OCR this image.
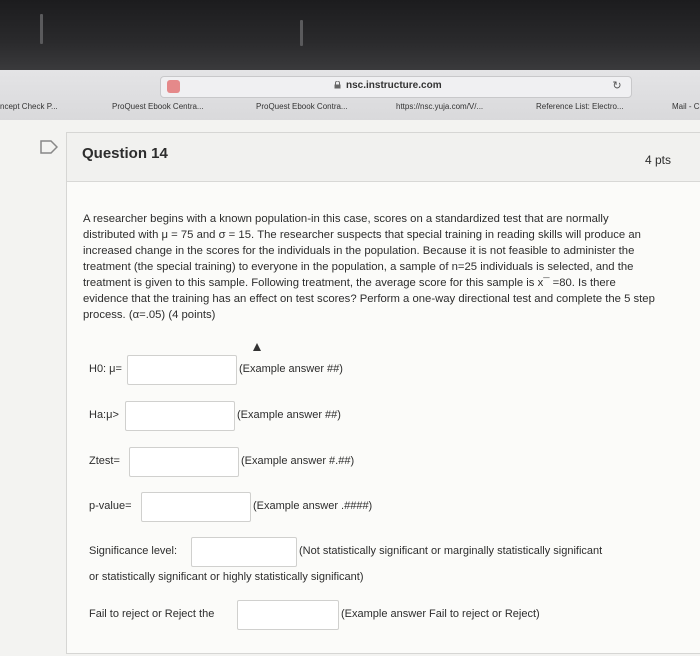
nsc.instructure.com	↻
ncept Check P...	ProQuest Ebook Centra...	ProQuest Ebook Contra...	https://nsc.yuja.com/V/...	Reference List: Electro...	Mail - C
Question 14	4 pts
A researcher begins with a known population-in this case, scores on a standardized test that are normally distributed with μ = 75 and σ = 15. The researcher suspects that special training in reading skills will produce an increased change in the scores for the individuals in the population. Because it is not feasible to administer the treatment (the special training) to everyone in the population, a sample of n=25 individuals is selected, and the treatment is given to this sample. Following treatment, the average score for this sample is x¯ =80. Is there evidence that the training has an effect on test scores? Perform a one-way directional test and complete the 5 step process. (α=.05) (4 points)
H0: μ=	(Example answer ##)
Ha:μ>	(Example answer ##)
Ztest=	(Example answer #.##)
p-value=	(Example answer .####)
Significance level:	(Not statistically significant or marginally statistically significant
or statistically significant or highly statistically significant)
Fail to reject or Reject the	(Example answer Fail to reject or Reject)
